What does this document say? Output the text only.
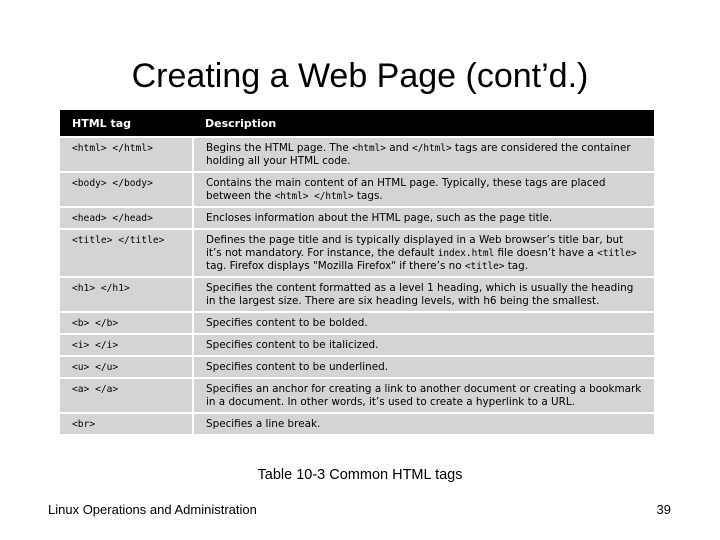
Creating a Web Page (cont’d.)
HTML tag	Description
<html> </html>	Begins the HTML page. The <html> and </html> tags are considered the container holding all your HTML code.
<body> </body>	Contains the main content of an HTML page. Typically, these tags are placed between the <html> </html> tags.
<head> </head>	Encloses information about the HTML page, such as the page title.
<title> </title>	Defines the page title and is typically displayed in a Web browser’s title bar, but it’s not mandatory. For instance, the default index.html file doesn’t have a <title> tag. Firefox displays "Mozilla Firefox" if there’s no <title> tag.
<h1> </h1>	Specifies the content formatted as a level 1 heading, which is usually the heading in the largest size. There are six heading levels, with h6 being the smallest.
<b> </b>	Specifies content to be bolded.
<i> </i>	Specifies content to be italicized.
<u> </u>	Specifies content to be underlined.
<a> </a>	Specifies an anchor for creating a link to another document or creating a bookmark in a document. In other words, it’s used to create a hyperlink to a URL.
<br>	Specifies a line break.
Table 10-3 Common HTML tags
Linux Operations and Administration	39
